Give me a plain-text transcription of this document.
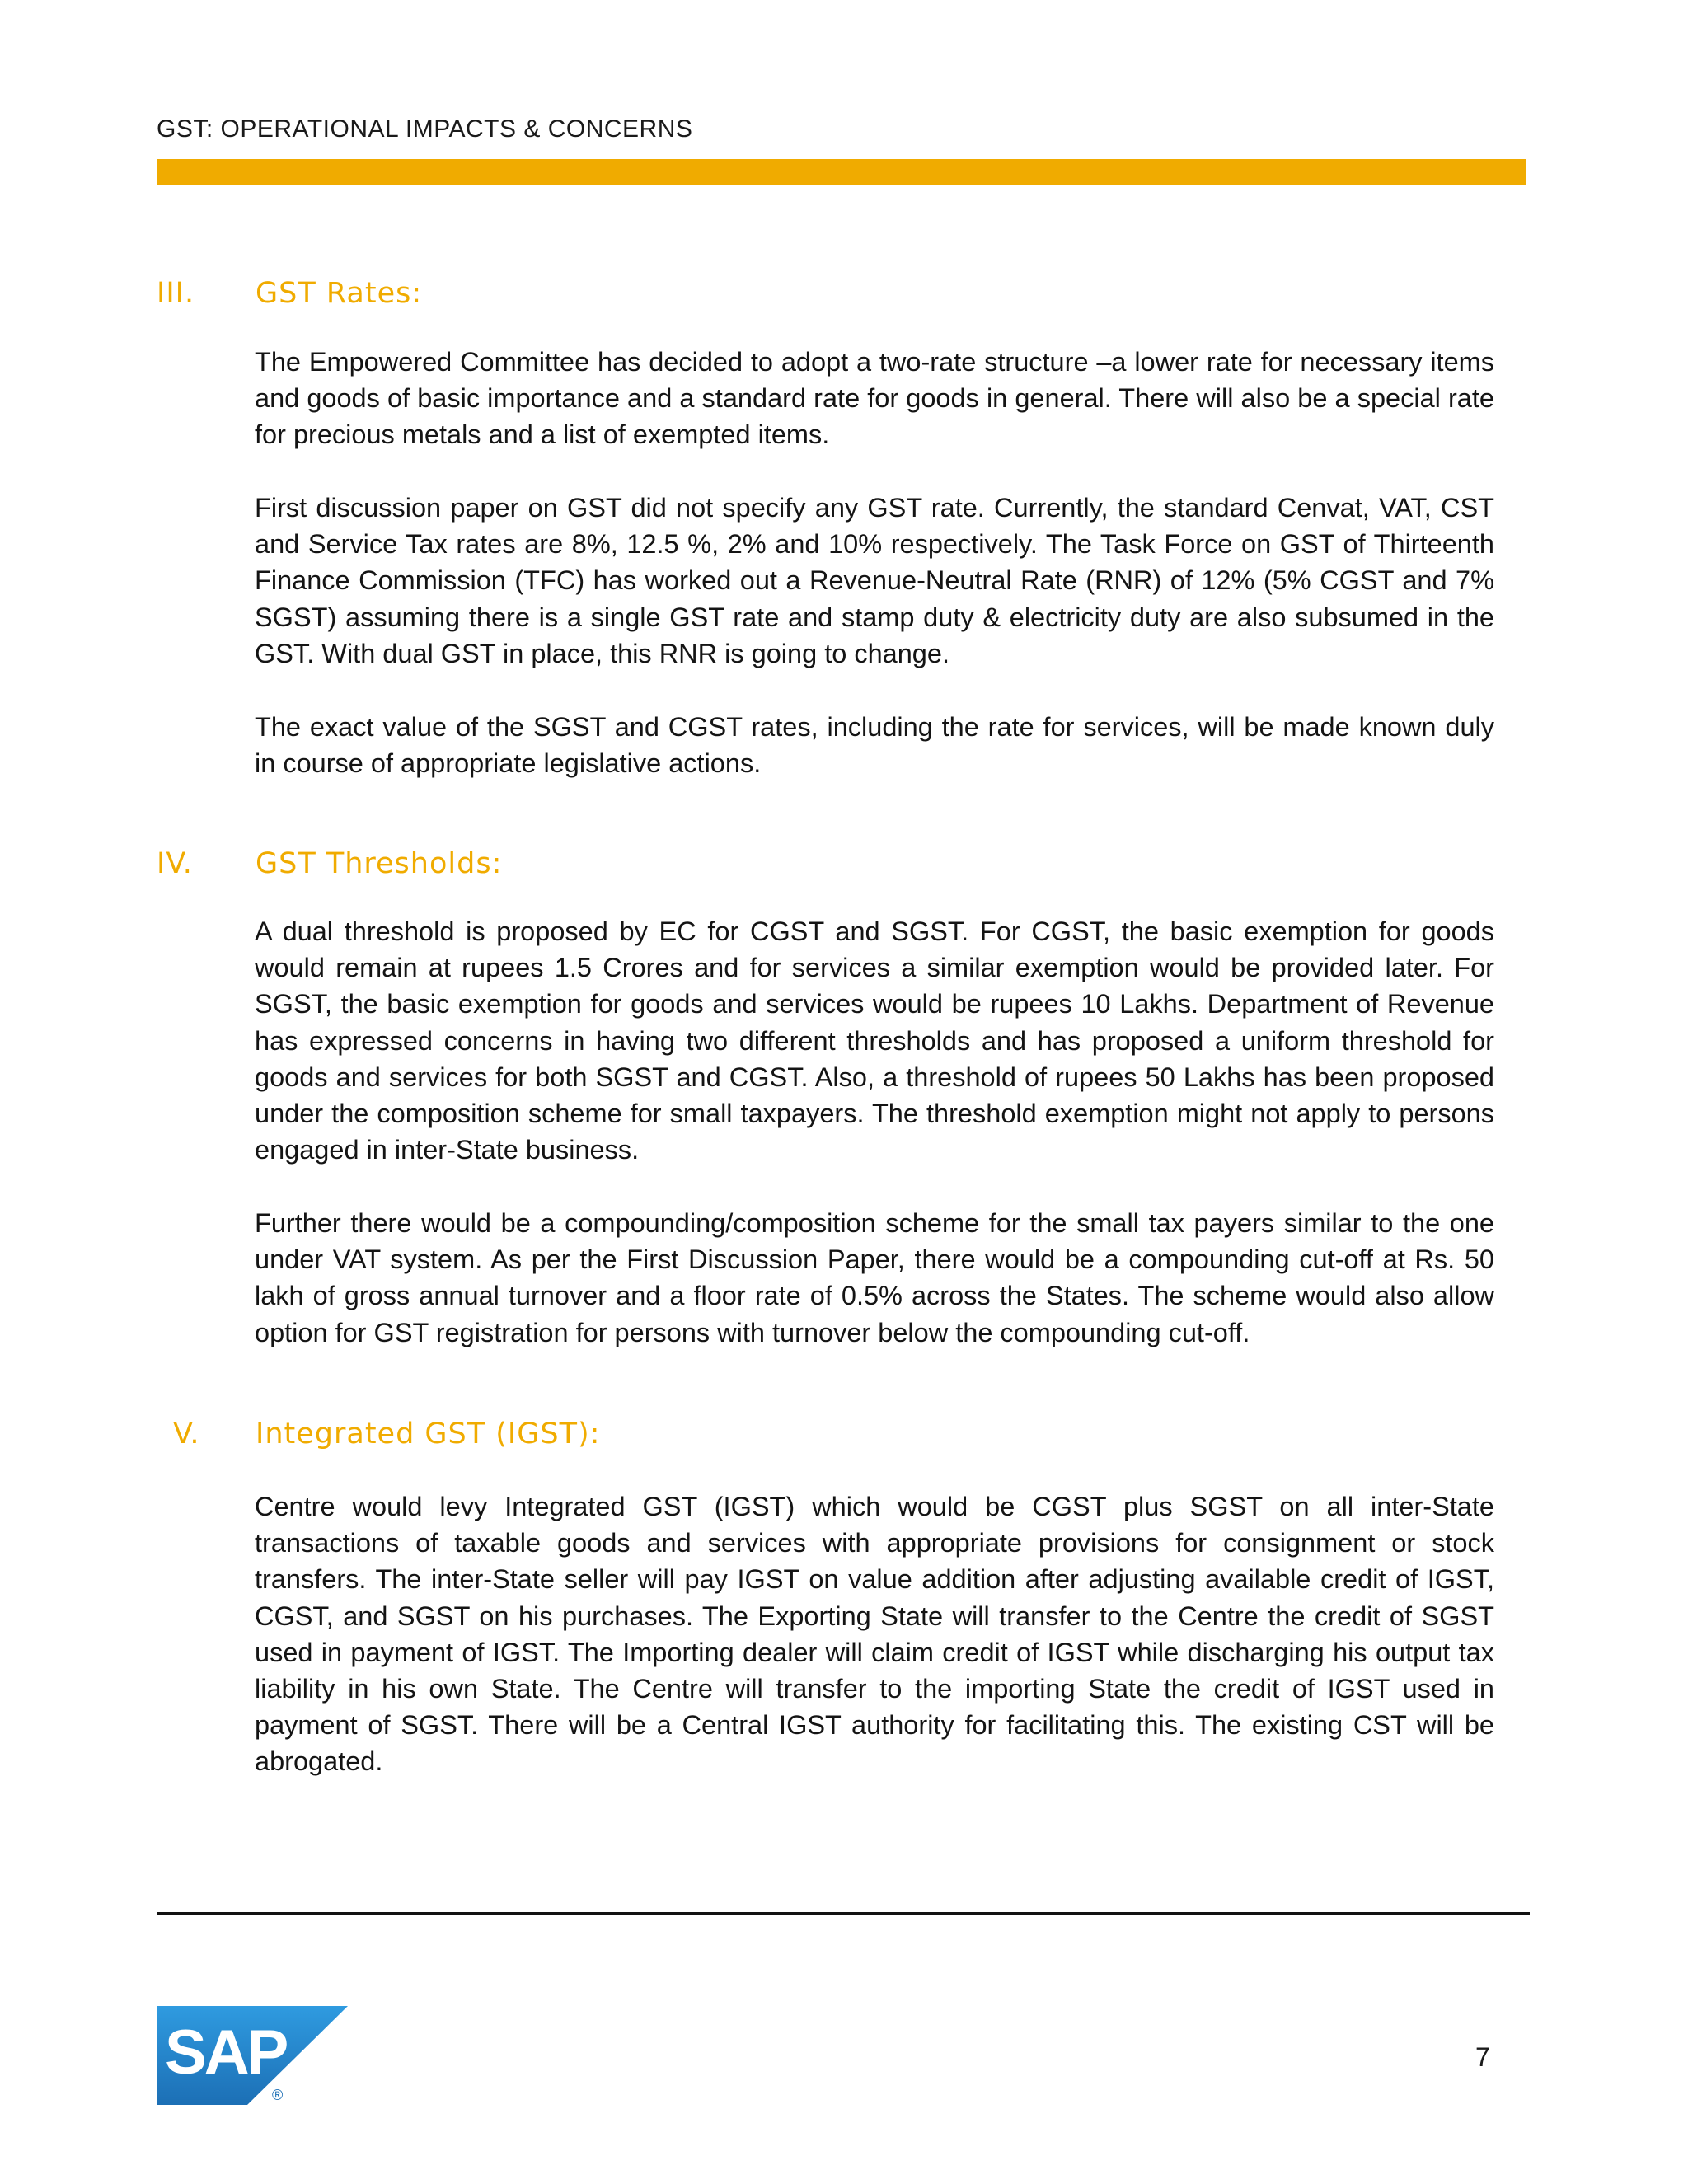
GST: OPERATIONAL IMPACTS & CONCERNS
III.	GST Rates:

The Empowered Committee has decided to adopt a two-rate structure –a lower rate for necessary items and goods of basic importance and a standard rate for goods in general. There will also be a special rate for precious metals and a list of exempted items.

First discussion paper on GST did not specify any GST rate. Currently, the standard Cenvat, VAT, CST and Service Tax rates are 8%, 12.5 %, 2% and 10% respectively. The Task Force on GST of Thirteenth Finance Commission (TFC) has worked out a Revenue-Neutral Rate (RNR) of 12% (5% CGST and 7% SGST) assuming there is a single GST rate and stamp duty & electricity duty are also subsumed in the GST. With dual GST in place, this RNR is going to change.

The exact value of the SGST and CGST rates, including the rate for services, will be made known duly in course of appropriate legislative actions.

IV.	GST Thresholds:

A dual threshold is proposed by EC for CGST and SGST. For CGST, the basic exemption for goods would remain at rupees 1.5 Crores and for services a similar exemption would be provided later. For SGST, the basic exemption for goods and services would be rupees 10 Lakhs. Department of Revenue has expressed concerns in having two different thresholds and has proposed a uniform threshold for goods and services for both SGST and CGST. Also, a threshold of rupees 50 Lakhs has been proposed under the composition scheme for small taxpayers. The threshold exemption might not apply to persons engaged in inter-State business.

Further there would be a compounding/composition scheme for the small tax payers similar to the one under VAT system. As per the First Discussion Paper, there would be a compounding cut-off at Rs. 50 lakh of gross annual turnover and a floor rate of 0.5% across the States. The scheme would also allow option for GST registration for persons with turnover below the compounding cut-off.

V.	Integrated GST (IGST):

Centre would levy Integrated GST (IGST) which would be CGST plus SGST on all inter-State transactions of taxable goods and services with appropriate provisions for consignment or stock transfers. The inter-State seller will pay IGST on value addition after adjusting available credit of IGST, CGST, and SGST on his purchases. The Exporting State will transfer to the Centre the credit of SGST used in payment of IGST. The Importing dealer will claim credit of IGST while discharging his output tax liability in his own State. The Centre will transfer to the importing State the credit of IGST used in payment of SGST. There will be a Central IGST authority for facilitating this. The existing CST will be abrogated.

SAP
®
7
